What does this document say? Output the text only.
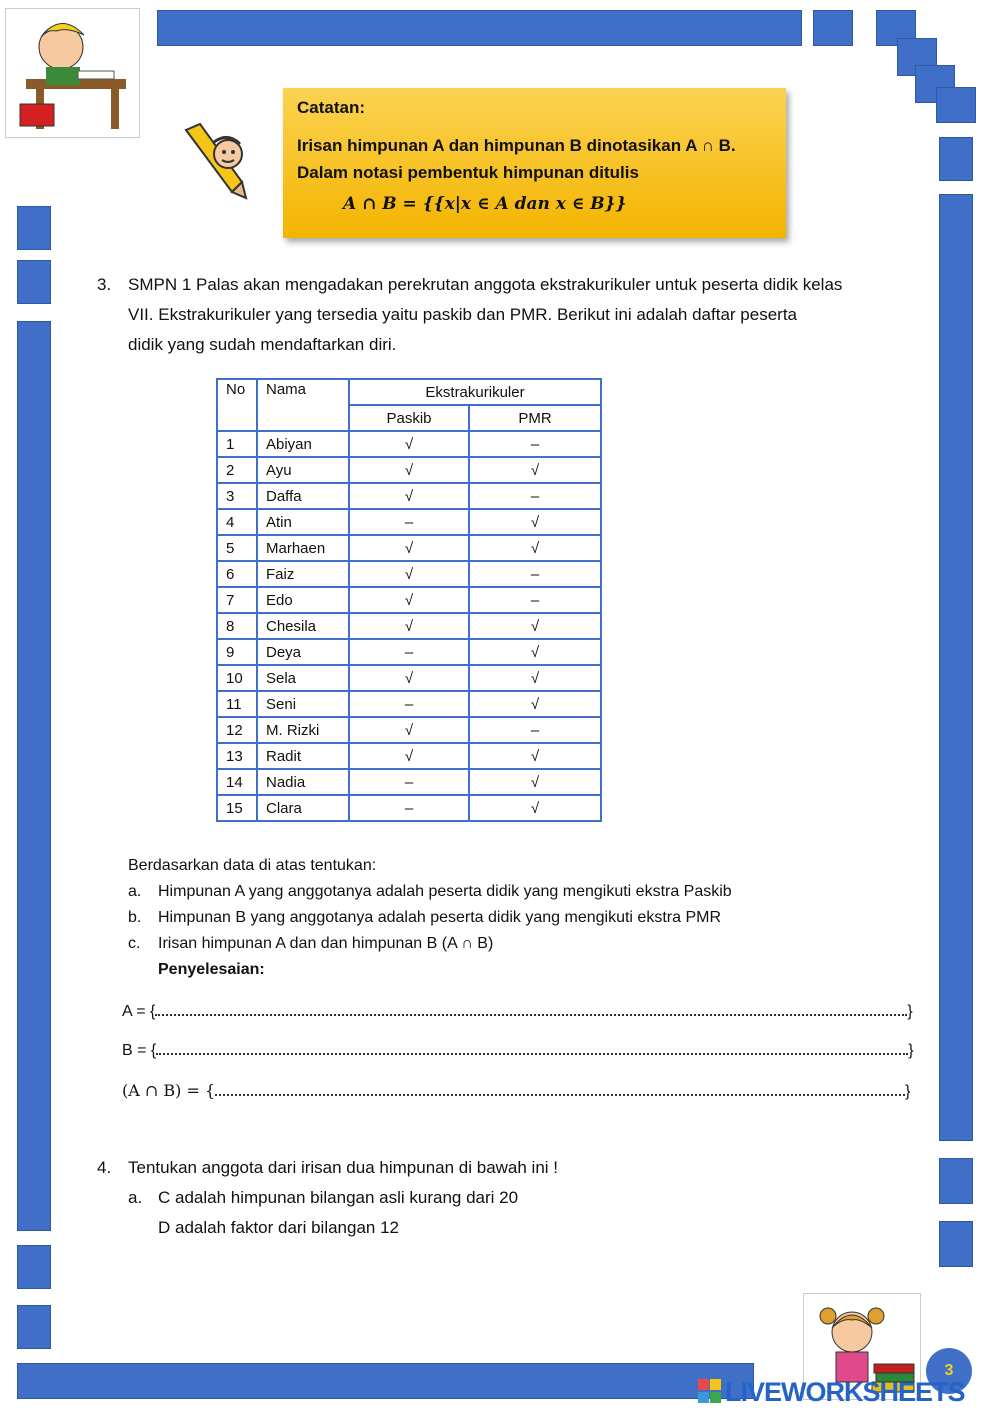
Catatan:
Irisan himpunan A dan himpunan B dinotasikan A ∩ B.
Dalam notasi pembentuk himpunan ditulis
A ∩ B = {{x|x ∈ A dan x ∈ B}}
3. SMPN 1 Palas akan mengadakan perekrutan anggota ekstrakurikuler untuk peserta didik kelas
VII. Ekstrakurikuler yang tersedia yaitu paskib dan PMR. Berikut ini adalah daftar peserta
didik yang sudah mendaftarkan diri.
No	Nama	Ekstrakurikuler	
		Paskib	PMR
1	Abiyan	√	–
2	Ayu	√	√
3	Daffa	√	–
4	Atin	–	√
5	Marhaen	√	√
6	Faiz	√	–
7	Edo	√	–
8	Chesila	√	√
9	Deya	–	√
10	Sela	√	√
11	Seni	–	√
12	M. Rizki	√	–
13	Radit	√	√
14	Nadia	–	√
15	Clara	–	√
Berdasarkan data di atas tentukan:
a. Himpunan A yang anggotanya adalah peserta didik yang mengikuti ekstra Paskib
b. Himpunan B yang anggotanya adalah peserta didik yang mengikuti ekstra PMR
c. Irisan himpunan A dan dan himpunan B (A ∩ B)
Penyelesaian:
A = {	}
B = {	}
(A ∩ B) = {	}
4. Tentukan anggota dari irisan dua himpunan di bawah ini !
a. C adalah himpunan bilangan asli kurang dari 20
D adalah faktor dari bilangan 12
3
LIVEWORKSHEETS
